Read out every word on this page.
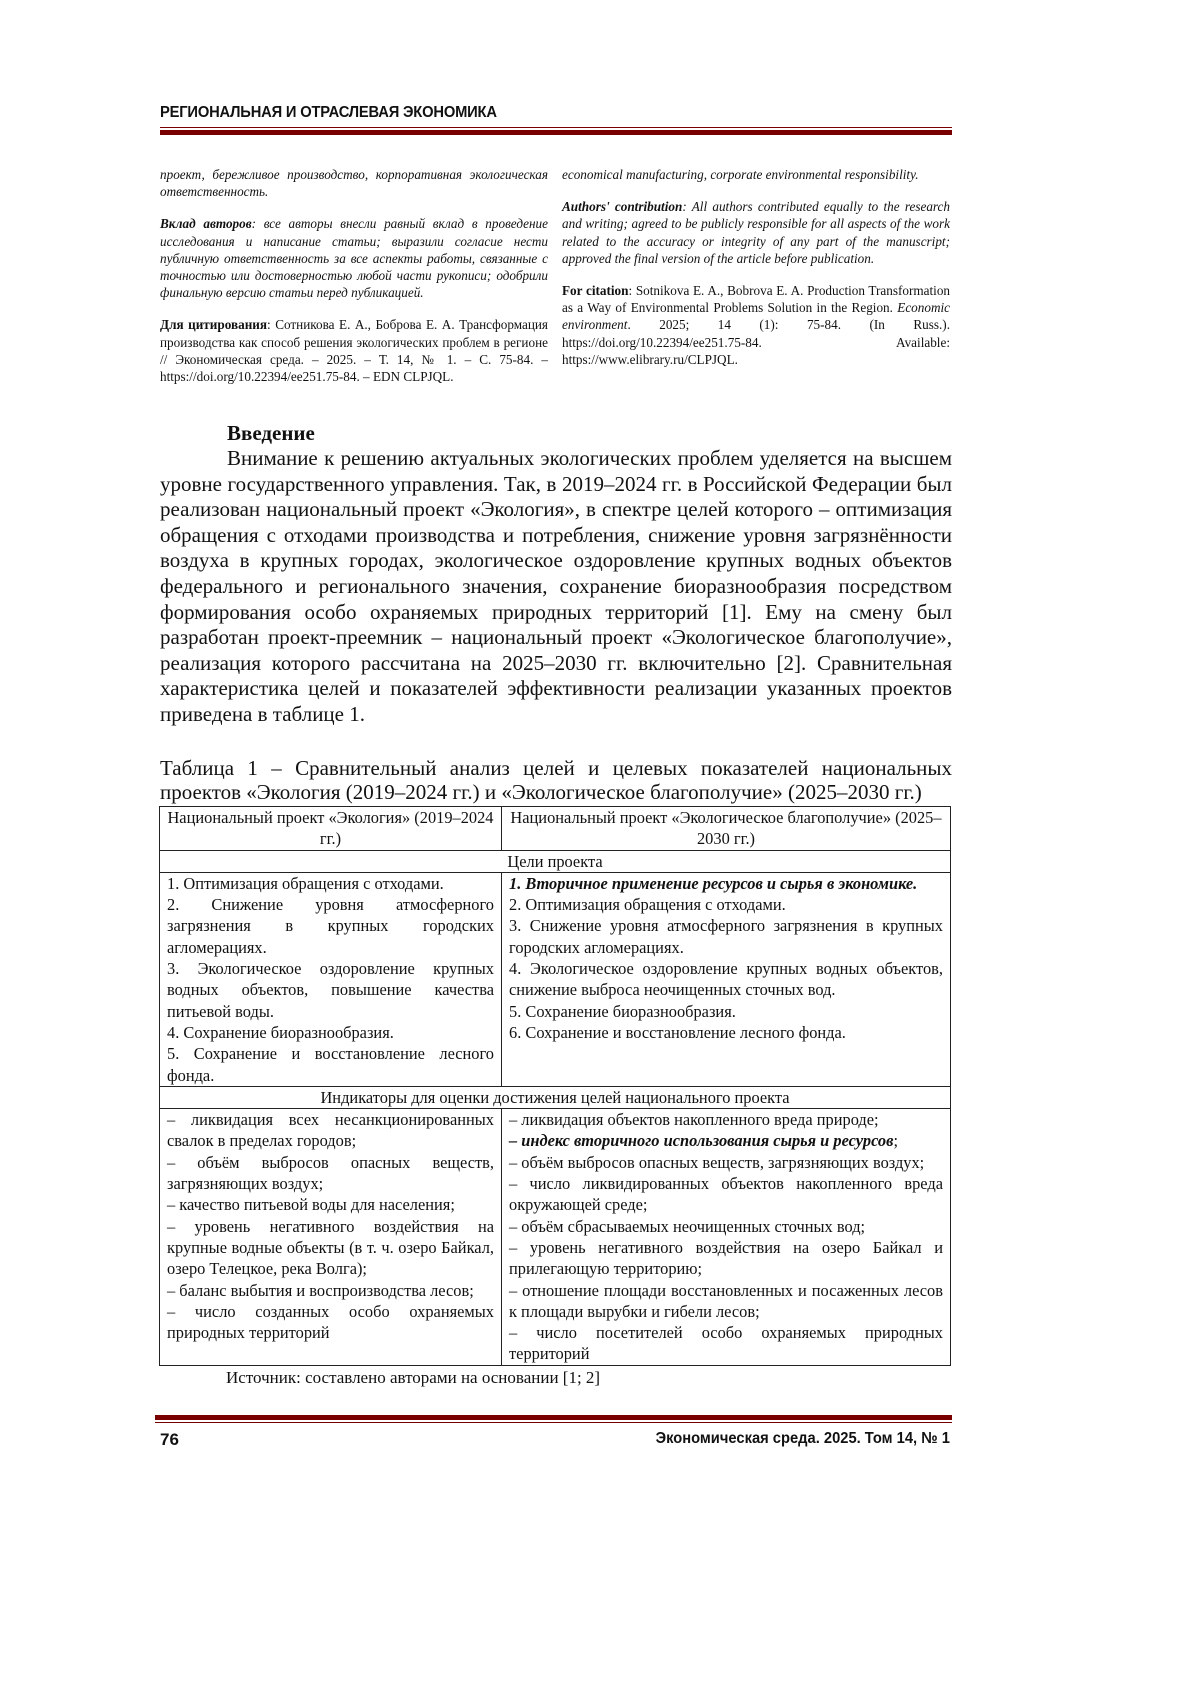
РЕГИОНАЛЬНАЯ И ОТРАСЛЕВАЯ ЭКОНОМИКА

проект, бережливое производство, корпоративная экологическая ответственность.

Вклад авторов: все авторы внесли равный вклад в проведение исследования и написание статьи; выразили согласие нести публичную ответственность за все аспекты работы, связанные с точностью или достоверностью любой части рукописи; одобрили финальную версию статьи перед публикацией.

Для цитирования: Сотникова Е. А., Боброва Е. А. Трансформация производства как способ решения экологических проблем в регионе // Экономическая среда. – 2025. – Т. 14, № 1. – С. 75-84. – https://doi.org/10.22394/ee251.75-84. – EDN CLPJQL.

economical manufacturing, corporate environmental responsibility.

Authors' contribution: All authors contributed equally to the research and writing; agreed to be publicly responsible for all aspects of the work related to the accuracy or integrity of any part of the manuscript; approved the final version of the article before publication.

For citation: Sotnikova E. A., Bobrova E. A. Production Transformation as a Way of Environmental Problems Solution in the Region. Economic environment. 2025; 14 (1): 75-84. (In Russ.). https://doi.org/10.22394/ee251.75-84. Available: https://www.elibrary.ru/CLPJQL.

Введение

Внимание к решению актуальных экологических проблем уделяется на высшем уровне государственного управления. Так, в 2019–2024 гг. в Российской Федерации был реализован национальный проект «Экология», в спектре целей которого – оптимизация обращения с отходами производства и потребления, снижение уровня загрязнённости воздуха в крупных городах, экологическое оздоровление крупных водных объектов федерального и регионального значения, сохранение биоразнообразия посредством формирования особо охраняемых природных территорий [1]. Ему на смену был разработан проект-преемник – национальный проект «Экологическое благополучие», реализация которого рассчитана на 2025–2030 гг. включительно [2]. Сравнительная характеристика целей и показателей эффективности реализации указанных проектов приведена в таблице 1.

Таблица 1 – Сравнительный анализ целей и целевых показателей национальных проектов «Экология (2019–2024 гг.) и «Экологическое благополучие» (2025–2030 гг.)
Национальный проект «Экология» (2019–2024 гг.)	Национальный проект «Экологическое благополучие» (2025–2030 гг.)
Цели проекта

1. Оптимизация обращения с отходами.
2. Снижение уровня атмосферного загрязнения в крупных городских агломерациях.
3. Экологическое оздоровление крупных водных объектов, повышение качества питьевой воды.
4. Сохранение биоразнообразия.
5. Сохранение и восстановление лесного фонда.

1. Вторичное применение ресурсов и сырья в экономике.
2. Оптимизация обращения с отходами.
3. Снижение уровня атмосферного загрязнения в крупных городских агломерациях.
4. Экологическое оздоровление крупных водных объектов, снижение выброса неочищенных сточных вод.
5. Сохранение биоразнообразия.
6. Сохранение и восстановление лесного фонда.

Индикаторы для оценки достижения целей национального проекта

– ликвидация всех несанкционированных свалок в пределах городов;
– объём выбросов опасных веществ, загрязняющих воздух;
– качество питьевой воды для населения;
– уровень негативного воздействия на крупные водные объекты (в т. ч. озеро Байкал, озеро Телецкое, река Волга);
– баланс выбытия и воспроизводства лесов;
– число созданных особо охраняемых природных территорий

– ликвидация объектов накопленного вреда природе;
– индекс вторичного использования сырья и ресурсов;
– объём выбросов опасных веществ, загрязняющих воздух;
– число ликвидированных объектов накопленного вреда окружающей среде;
– объём сбрасываемых неочищенных сточных вод;
– уровень негативного воздействия на озеро Байкал и прилегающую территорию;
– отношение площади восстановленных и посаженных лесов к площади вырубки и гибели лесов;
– число посетителей особо охраняемых природных территорий
Источник: составлено авторами на основании [1; 2]
76	Экономическая среда. 2025. Том 14, № 1
